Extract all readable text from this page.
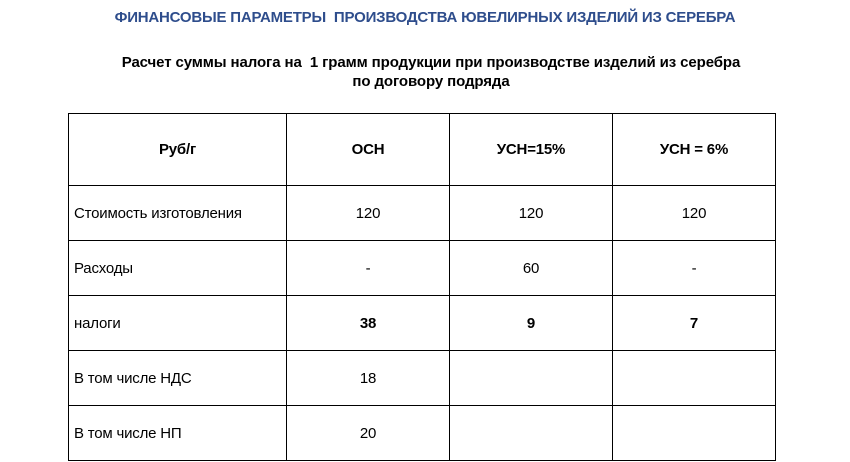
ФИНАНСОВЫЕ ПАРАМЕТРЫ  ПРОИЗВОДСТВА ЮВЕЛИРНЫХ ИЗДЕЛИЙ ИЗ СЕРЕБРА
Расчет суммы налога на  1 грамм продукции при производстве изделий из серебра
по договору подряда
Руб/г	ОСН	УСН=15%	УСН = 6%
Стоимость изготовления	120	120	120
Расходы	-	60	-
налоги	38	9	7
В том числе НДС	18		
В том числе НП	20		
